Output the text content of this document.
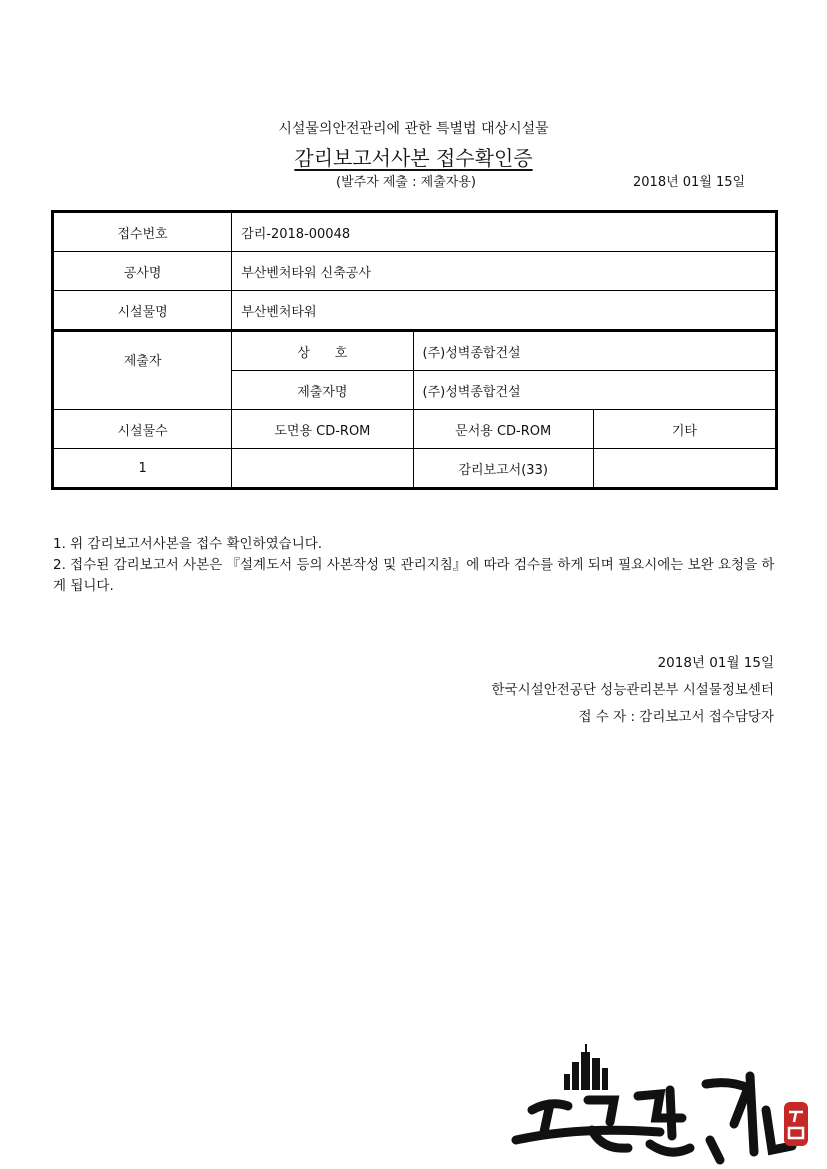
시설물의안전관리에 관한 특별법 대상시설물
감리보고서사본 접수확인증
(발주자 제출 : 제출자용)	2018년 01월 15일
접수번호	감리-2018-00048		
공사명	부산벤처타워 신축공사		
시설물명	부산벤처타워		
제출자	상      호	(주)성벽종합건설	
	제출자명	(주)성벽종합건설	
시설물수	도면용 CD-ROM	문서용 CD-ROM	기타
1		감리보고서(33)	

1. 위 감리보고서사본을 접수 확인하였습니다.

2. 접수된 감리보고서 사본은 『설계도서 등의 사본작성 및 관리지침』에 따라 검수를 하게 되며 필요시에는 보완 요청을 하게 됩니다.

2018년 01월 15일
한국시설안전공단 성능관리본부 시설물정보센터
접 수 자 : 감리보고서 접수담당자
